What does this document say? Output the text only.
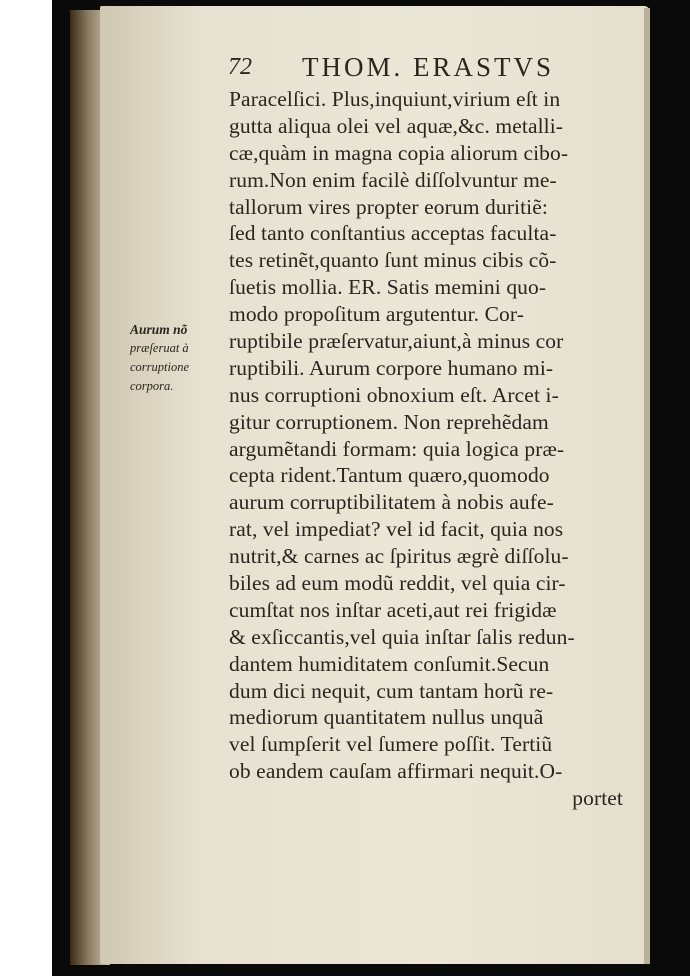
72 THOM. ERASTVS
Aurum nõ
præſeruat à
corruptione
corpora.
Paracelſici. Plus,inquiunt,virium eſt in
gutta aliqua olei vel aquæ,&c. metalli-
cæ,quàm in magna copia aliorum cibo-
rum.Non enim facilè diſſolvuntur me-
tallorum vires propter eorum duritiẽ:
ſed tanto conſtantius acceptas faculta-
tes retinẽt,quanto ſunt minus cibis cõ-
ſuetis mollia. ER. Satis memini quo-
modo propoſitum argutentur. Cor-
ruptibile præſervatur,aiunt,à minus cor
ruptibili. Aurum corpore humano mi-
nus corruptioni obnoxium eſt. Arcet i-
gitur corruptionem. Non reprehẽdam
argumẽtandi formam: quia logica præ-
cepta rident.Tantum quæro,quomodo
aurum corruptibilitatem à nobis aufe-
rat, vel impediat? vel id facit, quia nos
nutrit,& carnes ac ſpiritus ægrè diſſolu-
biles ad eum modũ reddit, vel quia cir-
cumſtat nos inſtar aceti,aut rei frigidæ
& exſiccantis,vel quia inſtar ſalis redun-
dantem humiditatem conſumit.Secun
dum dici nequit, cum tantam horũ re-
mediorum quantitatem nullus unquã
vel ſumpſerit vel ſumere poſſit. Tertiũ
ob eandem cauſam affirmari nequit.O-
portet
